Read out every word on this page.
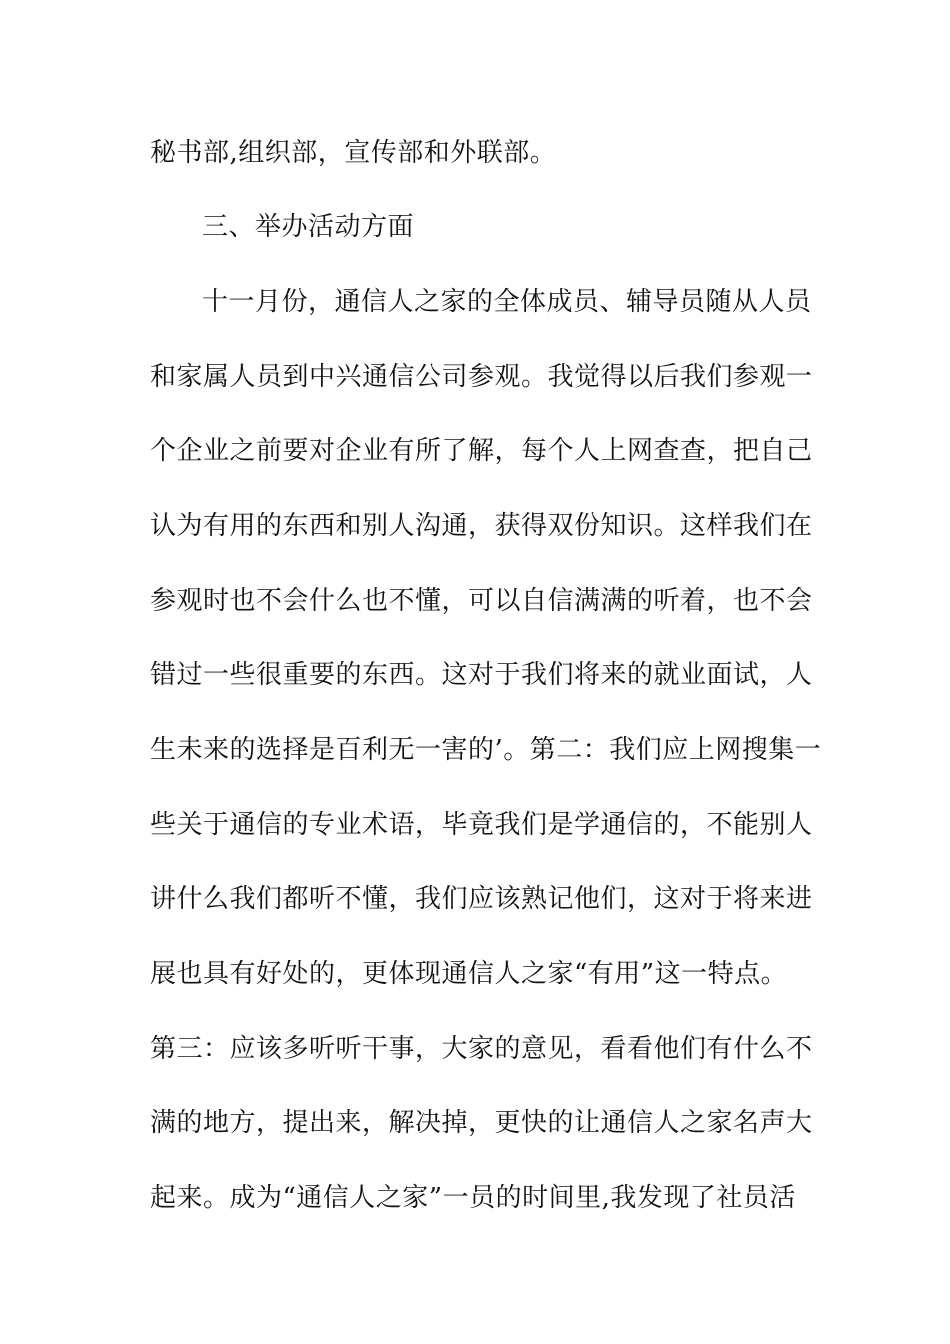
秘书部,组织部，宣传部和外联部。
三、举办活动方面
十一月份，通信人之家的全体成员、辅导员随从人员
和家属人员到中兴通信公司参观。我觉得以后我们参观一
个企业之前要对企业有所了解，每个人上网查查，把自己
认为有用的东西和别人沟通，获得双份知识。这样我们在
参观时也不会什么也不懂，可以自信满满的听着，也不会
错过一些很重要的东西。这对于我们将来的就业面试，人
生未来的选择是百利无一害的’。第二：我们应上网搜集一
些关于通信的专业术语，毕竟我们是学通信的，不能别人
讲什么我们都听不懂，我们应该熟记他们，这对于将来进
展也具有好处的，更体现通信人之家“有用”这一特点。
第三：应该多听听干事，大家的意见，看看他们有什么不
满的地方，提出来，解决掉，更快的让通信人之家名声大
起来。成为“通信人之家”一员的时间里,我发现了社员活
